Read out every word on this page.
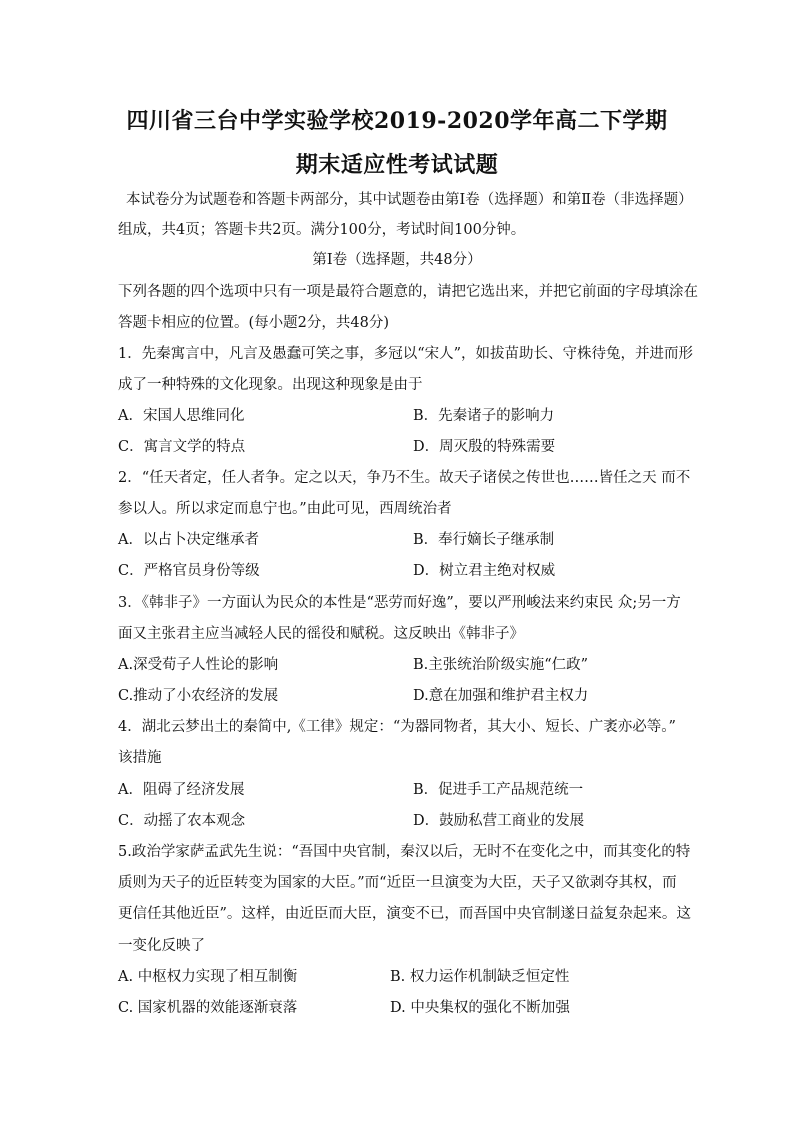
四川省三台中学实验学校2019-2020学年高二下学期
期末适应性考试试题
本试卷分为试题卷和答题卡两部分，其中试题卷由第Ⅰ卷（选择题）和第Ⅱ卷（非选择题）
组成，共4页；答题卡共2页。满分100分，考试时间100分钟。
第Ⅰ卷（选择题，共48分）
下列各题的四个选项中只有一项是最符合题意的，请把它选出来，并把它前面的字母填涂在
答题卡相应的位置。(每小题2分，共48分)
1．先秦寓言中，凡言及愚蠢可笑之事，多冠以“宋人”，如拔苗助长、守株待兔，并进而形
成了一种特殊的文化现象。出现这种现象是由于
A．宋国人思维同化	B．先秦诸子的影响力
C．寓言文学的特点	D．周灭殷的特殊需要
2．“任天者定，任人者争。定之以天，争乃不生。故天子诸侯之传世也……皆任之天 而不
参以人。所以求定而息宁也。”由此可见，西周统治者
A．以占卜决定继承者	B．奉行嫡长子继承制
C．严格官员身份等级	D．树立君主绝对权威
3．《韩非子》一方面认为民众的本性是“恶劳而好逸”，要以严刑峻法来约束民 众;另一方
面又主张君主应当减轻人民的徭役和赋税。这反映出《韩非子》
A.深受荀子人性论的影响	B.主张统治阶级实施“仁政”
C.推动了小农经济的发展	D.意在加强和维护君主权力
4．湖北云梦出土的秦简中,《工律》规定：“为器同物者，其大小、短长、广袤亦必等。”
该措施
A．阻碍了经济发展	B．促进手工产品规范统一
C．动摇了农本观念	D．鼓励私营工商业的发展
5.政治学家萨孟武先生说：“吾国中央官制，秦汉以后，无时不在变化之中，而其变化的特
质则为天子的近臣转变为国家的大臣。”而“近臣一旦演变为大臣，天子又欲剥夺其权，而
更信任其他近臣”。这样，由近臣而大臣，演变不已，而吾国中央官制遂日益复杂起来。这
一变化反映了
A. 中枢权力实现了相互制衡	B. 权力运作机制缺乏恒定性
C. 国家机器的效能逐渐衰落	D. 中央集权的强化不断加强
